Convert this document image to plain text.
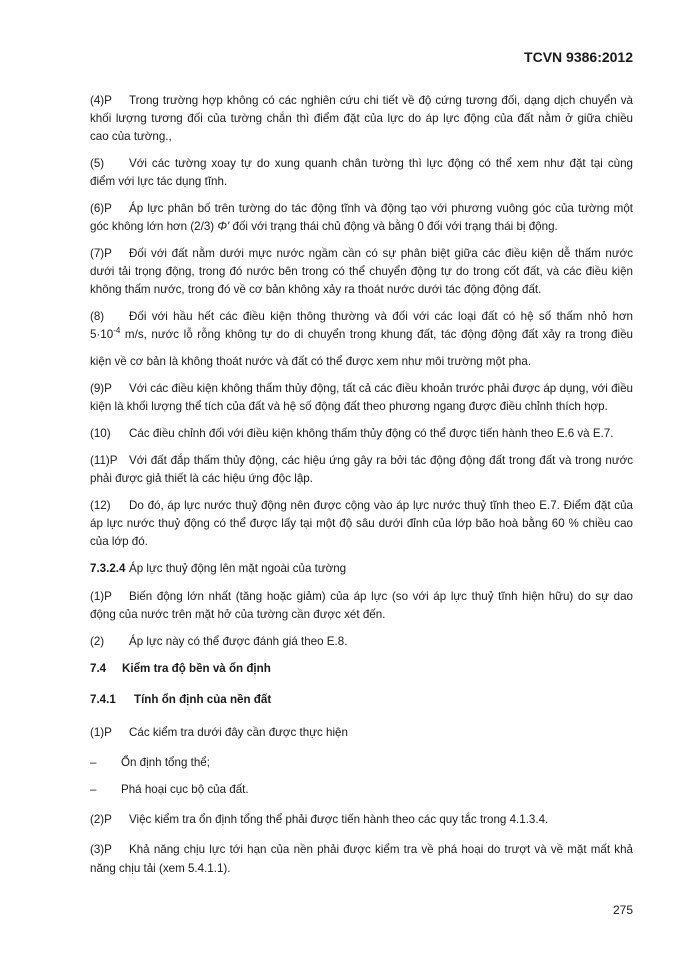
TCVN 9386:2012
(4)P Trong trường hợp không có các nghiên cứu chi tiết về độ cứng tương đối, dạng dịch chuyển và
khối lượng tương đối của tường chắn thì điểm đặt của lực do áp lực động của đất nằm ở giữa chiều
cao của tường.,
(5) Với các tường xoay tự do xung quanh chân tường thì lực động có thể xem như đặt tại cùng
điểm với lực tác dụng tĩnh.
(6)P Áp lực phân bố trên tường do tác động tĩnh và động tạo với phương vuông góc của tường một
góc không lớn hơn (2/3) Φ' đối với trạng thái chủ động và bằng 0 đối với trạng thái bị động.
(7)P Đối với đất nằm dưới mực nước ngầm cần có sự phân biệt giữa các điều kiện dễ thấm nước
dưới tải trọng động, trong đó nước bên trong có thể chuyển động tự do trong cốt đất, và các điều kiện
không thấm nước, trong đó về cơ bản không xảy ra thoát nước dưới tác động động đất.
(8) Đối với hầu hết các điều kiện thông thường và đối với các loại đất có hệ số thấm nhỏ hơn
$5\cdot 10^{-4}$ m/s, nước lỗ rỗng không tự do di chuyển trong khung đất, tác động động đất xảy ra trong điều
kiện về cơ bản là không thoát nước và đất có thể được xem như môi trường một pha.
(9)P Với các điều kiện không thấm thủy động, tất cả các điều khoản trước phải được áp dụng, với điều
kiện là khối lượng thể tích của đất và hệ số động đất theo phương ngang được điều chỉnh thích hợp.
(10) Các điều chỉnh đối với điều kiện không thấm thủy động có thể được tiến hành theo E.6 và E.7.
(11)P Với đất đắp thấm thủy động, các hiệu ứng gây ra bởi tác động động đất trong đất và trong nước
phải được giả thiết là các hiệu ứng độc lập.
(12) Do đó, áp lực nước thuỷ động nên được cộng vào áp lực nước thuỷ tĩnh theo E.7. Điểm đặt của
áp lực nước thuỷ động có thể được lấy tại một độ sâu dưới đỉnh của lớp bão hoà bằng 60 % chiều cao
của lớp đó.
7.3.2.4 Áp lực thuỷ động lên mặt ngoài của tường
(1)P Biến động lớn nhất (tăng hoặc giảm) của áp lực (so với áp lực thuỷ tĩnh hiện hữu) do sự dao
động của nước trên mặt hở của tường cần được xét đến.
(2) Áp lực này có thể được đánh giá theo E.8.
7.4 Kiểm tra độ bền và ổn định
7.4.1 Tính ổn định của nền đất
(1)P Các kiểm tra dưới đây cần được thực hiện
– Ổn định tổng thể;
– Phá hoại cục bộ của đất.
(2)P Việc kiểm tra ổn định tổng thể phải được tiến hành theo các quy tắc trong 4.1.3.4.
(3)P Khả năng chịu lực tới hạn của nền phải được kiểm tra về phá hoại do trượt và về mặt mất khả
năng chịu tải (xem 5.4.1.1).
275
